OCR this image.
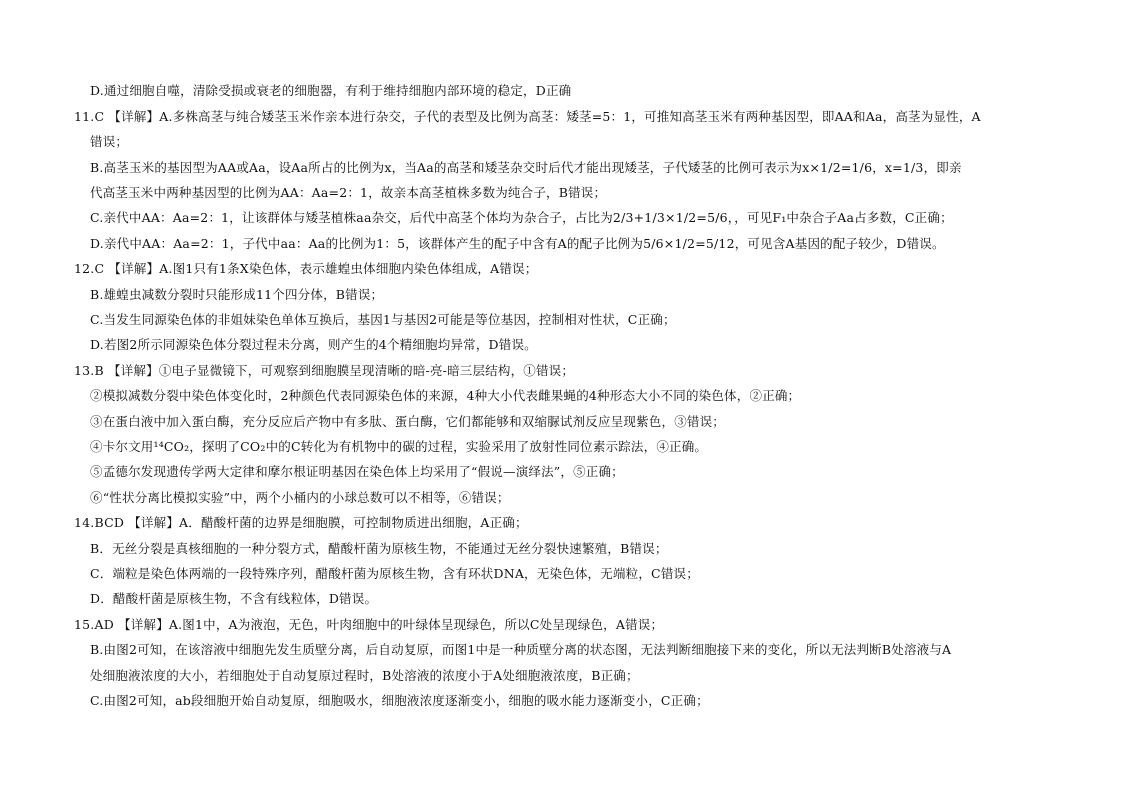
D.通过细胞自噬，清除受损或衰老的细胞器，有利于维持细胞内部环境的稳定，D正确
11.C 【详解】A.多株高茎与纯合矮茎玉米作亲本进行杂交，子代的表型及比例为高茎：矮茎=5：1，可推知高茎玉米有两种基因型，即AA和Aa，高茎为显性，A
错误；
B.高茎玉米的基因型为AA或Aa，设Aa所占的比例为x，当Aa的高茎和矮茎杂交时后代才能出现矮茎，子代矮茎的比例可表示为x×1/2=1/6，x=1/3，即亲
代高茎玉米中两种基因型的比例为AA：Aa=2：1，故亲本高茎植株多数为纯合子，B错误；
C.亲代中AA：Aa=2：1，让该群体与矮茎植株aa杂交，后代中高茎个体均为杂合子，占比为2/3+1/3×1/2=5/6，，可见F₁中杂合子Aa占多数，C正确；
D.亲代中AA：Aa=2：1，子代中aa：Aa的比例为1：5，该群体产生的配子中含有A的配子比例为5/6×1/2=5/12，可见含A基因的配子较少，D错误。
12.C 【详解】A.图1只有1条X染色体，表示雄蝗虫体细胞内染色体组成，A错误；
B.雄蝗虫减数分裂时只能形成11个四分体，B错误；
C.当发生同源染色体的非姐妹染色单体互换后，基因1与基因2可能是等位基因，控制相对性状，C正确；
D.若图2所示同源染色体分裂过程未分离，则产生的4个精细胞均异常，D错误。
13.B 【详解】①电子显微镜下，可观察到细胞膜呈现清晰的暗-亮-暗三层结构，①错误；
②模拟减数分裂中染色体变化时，2种颜色代表同源染色体的来源，4种大小代表雌果蝇的4种形态大小不同的染色体，②正确；
③在蛋白液中加入蛋白酶，充分反应后产物中有多肽、蛋白酶，它们都能够和双缩脲试剂反应呈现紫色，③错误；
④卡尔文用¹⁴CO₂，探明了CO₂中的C转化为有机物中的碳的过程，实验采用了放射性同位素示踪法，④正确。
⑤孟德尔发现遗传学两大定律和摩尔根证明基因在染色体上均采用了“假说—演绎法”，⑤正确；
⑥“性状分离比模拟实验”中，两个小桶内的小球总数可以不相等，⑥错误；
14.BCD 【详解】A．醋酸杆菌的边界是细胞膜，可控制物质进出细胞，A正确；
B．无丝分裂是真核细胞的一种分裂方式，醋酸杆菌为原核生物，不能通过无丝分裂快速繁殖，B错误；
C．端粒是染色体两端的一段特殊序列，醋酸杆菌为原核生物，含有环状DNA，无染色体，无端粒，C错误；
D．醋酸杆菌是原核生物，不含有线粒体，D错误。
15.AD 【详解】A.图1中，A为液泡，无色，叶肉细胞中的叶绿体呈现绿色，所以C处呈现绿色，A错误；
B.由图2可知，在该溶液中细胞先发生质壁分离，后自动复原，而图1中是一种质壁分离的状态图，无法判断细胞接下来的变化，所以无法判断B处溶液与A
处细胞液浓度的大小，若细胞处于自动复原过程时，B处溶液的浓度小于A处细胞液浓度，B正确；
C.由图2可知，ab段细胞开始自动复原，细胞吸水，细胞液浓度逐渐变小，细胞的吸水能力逐渐变小，C正确；
